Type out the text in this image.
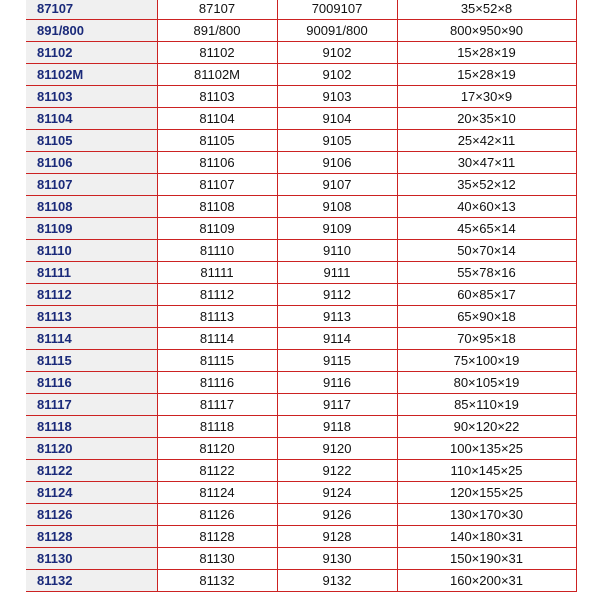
87107	87107	7009107	35×52×8
891/800	891/800	90091/800	800×950×90
81102	81102	9102	15×28×19
81102M	81102M	9102	15×28×19
81103	81103	9103	17×30×9
81104	81104	9104	20×35×10
81105	81105	9105	25×42×11
81106	81106	9106	30×47×11
81107	81107	9107	35×52×12
81108	81108	9108	40×60×13
81109	81109	9109	45×65×14
81110	81110	9110	50×70×14
81111	81111	9111	55×78×16
81112	81112	9112	60×85×17
81113	81113	9113	65×90×18
81114	81114	9114	70×95×18
81115	81115	9115	75×100×19
81116	81116	9116	80×105×19
81117	81117	9117	85×110×19
81118	81118	9118	90×120×22
81120	81120	9120	100×135×25
81122	81122	9122	110×145×25
81124	81124	9124	120×155×25
81126	81126	9126	130×170×30
81128	81128	9128	140×180×31
81130	81130	9130	150×190×31
81132	81132	9132	160×200×31
